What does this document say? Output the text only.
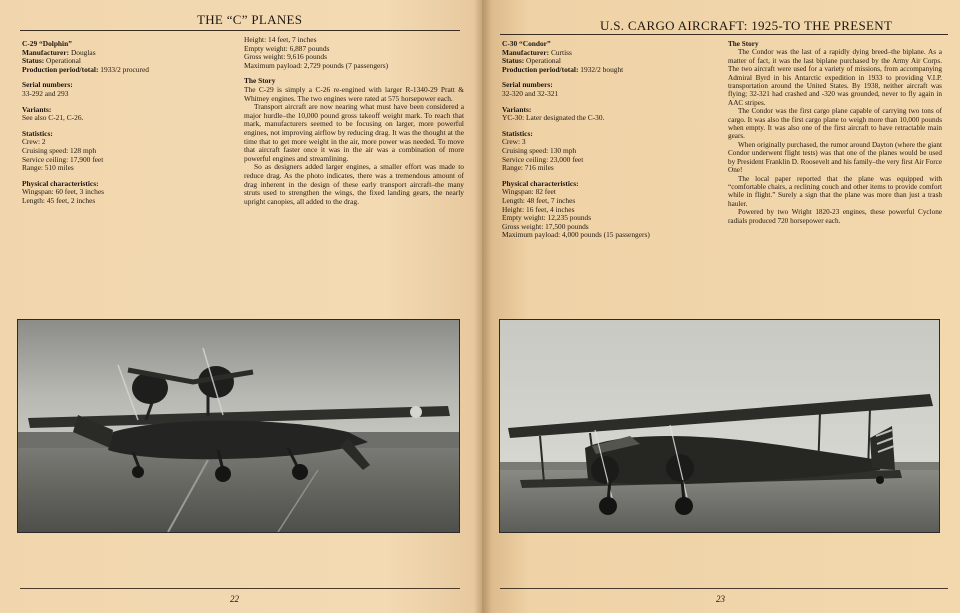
THE “C” PLANES

C-29 “Dolphin”

Manufacturer: Douglas

Status: Operational

Production period/total: 1933/2 procured

Serial numbers:

33-292 and 293

Variants:

See also C-21, C-26.

Statistics:

Crew: 2

Cruising speed: 128 mph

Service ceiling: 17,900 feet

Range: 510 miles

Physical characteristics:

Wingspan: 60 feet, 3 inches

Length: 45 feet, 2 inches

Height: 14 feet, 7 inches

Empty weight: 6,887 pounds

Gross weight: 9,616 pounds

Maximum payload: 2,729 pounds (7 passengers)

The Story

The C-29 is simply a C-26 re-engined with larger R-1340-29 Pratt & Whitney engines. The two engines were rated at 575 horsepower each.

Transport aircraft are now nearing what must have been considered a major hurdle–the 10,000 pound gross takeoff weight mark. To reach that mark, manufacturers seemed to be focusing on larger, more powerful engines, not improving airflow by reducing drag. It was the thought at the time that to get more weight in the air, more power was needed. To move that aircraft faster once it was in the air was a combination of more powerful engines and streamlining.

So as designers added larger engines, a smaller effort was made to reduce drag. As the photo indicates, there was a tremendous amount of drag inherent in the design of these early transport aircraft–the many struts used to strengthen the wings, the fixed landing gears, the nearly upright canopies, all added to the drag.

22
U.S. CARGO AIRCRAFT: 1925-TO THE PRESENT

C-30 “Condor”

Manufacturer: Curtiss

Status: Operational

Production period/total: 1932/2 bought

Serial numbers:

32-320 and 32-321

Variants:

YC-30: Later designated the C-30.

Statistics:

Crew: 3

Cruising speed: 130 mph

Service ceiling: 23,000 feet

Range: 716 miles

Physical characteristics:

Wingspan: 82 feet

Length: 48 feet, 7 inches

Height: 16 feet, 4 inches

Empty weight: 12,235 pounds

Gross weight: 17,500 pounds

Maximum payload: 4,000 pounds (15 passengers)

The Story

The Condor was the last of a rapidly dying breed–the biplane. As a matter of fact, it was the last biplane purchased by the Army Air Corps. The two aircraft were used for a variety of missions, from accompanying Admiral Byrd in his Antarctic expedition in 1933 to providing V.I.P. transportation around the United States. By 1938, neither aircraft was flying; 32-321 had crashed and -320 was grounded, never to fly again in AAC stripes.

The Condor was the first cargo plane capable of carrying two tons of cargo. It was also the first cargo plane to weigh more than 10,000 pounds when empty. It was also one of the first aircraft to have retractable main gears.

When originally purchased, the rumor around Dayton (where the giant Condor underwent flight tests) was that one of the planes would be used by President Franklin D. Roosevelt and his family–the very first Air Force One!

The local paper reported that the plane was equipped with “comfortable chairs, a reclining couch and other items to provide comfort while in flight.” Surely a sign that the plane was more than just a trash hauler.

Powered by two Wright 1820-23 engines, these powerful Cyclone radials produced 720 horsepower each.

23
